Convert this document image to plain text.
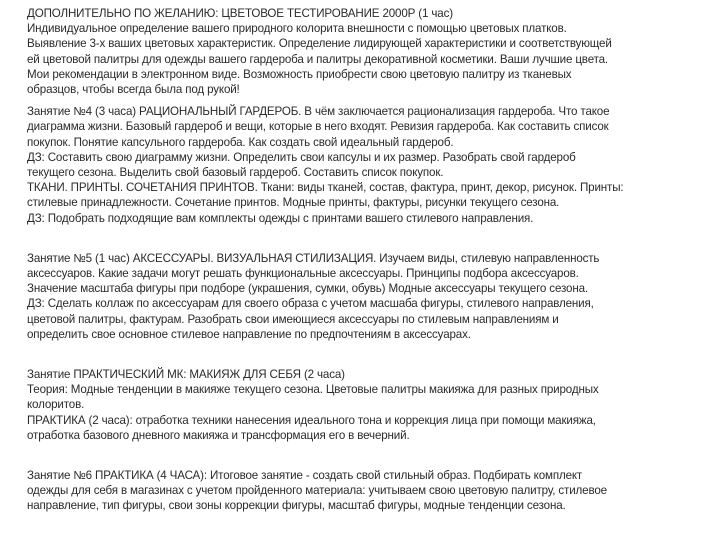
ДОПОЛНИТЕЛЬНО ПО ЖЕЛАНИЮ: ЦВЕТОВОЕ ТЕСТИРОВАНИЕ 2000Р (1 час)
Индивидуальное определение вашего природного колорита внешности с помощью цветовых платков.
Выявление 3-х ваших цветовых характеристик. Определение лидирующей характеристики и соответствующей
ей цветовой палитры для одежды вашего гардероба и палитры декоративной косметики. Ваши лучшие цвета.
Мои рекомендации в электронном виде. Возможность приобрести свою цветовую палитру из тканевых
образцов, чтобы всегда была под рукой!
Занятие №4 (3 часа) РАЦИОНАЛЬНЫЙ ГАРДЕРОБ. В чём заключается рационализация гардероба. Что такое
диаграмма жизни. Базовый гардероб и вещи, которые в него входят. Ревизия гардероба. Как составить список
покупок. Понятие капсульного гардероба. Как создать свой идеальный гардероб.
ДЗ: Составить свою диаграмму жизни. Определить свои капсулы и их размер. Разобрать свой гардероб
текущего сезона. Выделить свой базовый гардероб. Составить список покупок.
ТКАНИ. ПРИНТЫ. СОЧЕТАНИЯ ПРИНТОВ. Ткани: виды тканей, состав, фактура, принт, декор, рисунок. Принты:
стилевые принадлежности. Сочетание принтов. Модные принты, фактуры, рисунки текущего сезона.
ДЗ: Подобрать подходящие вам комплекты одежды с принтами вашего стилевого направления.
Занятие №5 (1 час) АКСЕССУАРЫ. ВИЗУАЛЬНАЯ СТИЛИЗАЦИЯ. Изучаем виды, стилевую направленность
аксессуаров. Какие задачи могут решать функциональные аксессуары. Принципы подбора аксессуаров.
Значение масштаба фигуры при подборе (украшения, сумки, обувь) Модные аксессуары текущего сезона.
ДЗ: Сделать коллаж по аксессуарам для своего образа с учетом масшаба фигуры, стилевого направления,
цветовой палитры, фактурам. Разобрать свои имеющиеся аксессуары по стилевым направлениям и
определить свое основное стилевое направление по предпочтениям в аксессуарах.
Занятие ПРАКТИЧЕСКИЙ МК: МАКИЯЖ ДЛЯ СЕБЯ (2 часа)
Теория: Модные тенденции в макияже текущего сезона. Цветовые палитры макияжа для разных природных
колоритов.
ПРАКТИКА (2 часа): отработка техники нанесения идеального тона и коррекция лица при помощи макияжа,
отработка базового дневного макияжа и трансформация его в вечерний.
Занятие №6 ПРАКТИКА (4 ЧАСА): Итоговое занятие - создать свой стильный образ. Подбирать комплект
одежды для себя в магазинах с учетом пройденного материала: учитываем свою цветовую палитру, стилевое
направление, тип фигуры, свои зоны коррекции фигуры, масштаб фигуры, модные тенденции сезона.
